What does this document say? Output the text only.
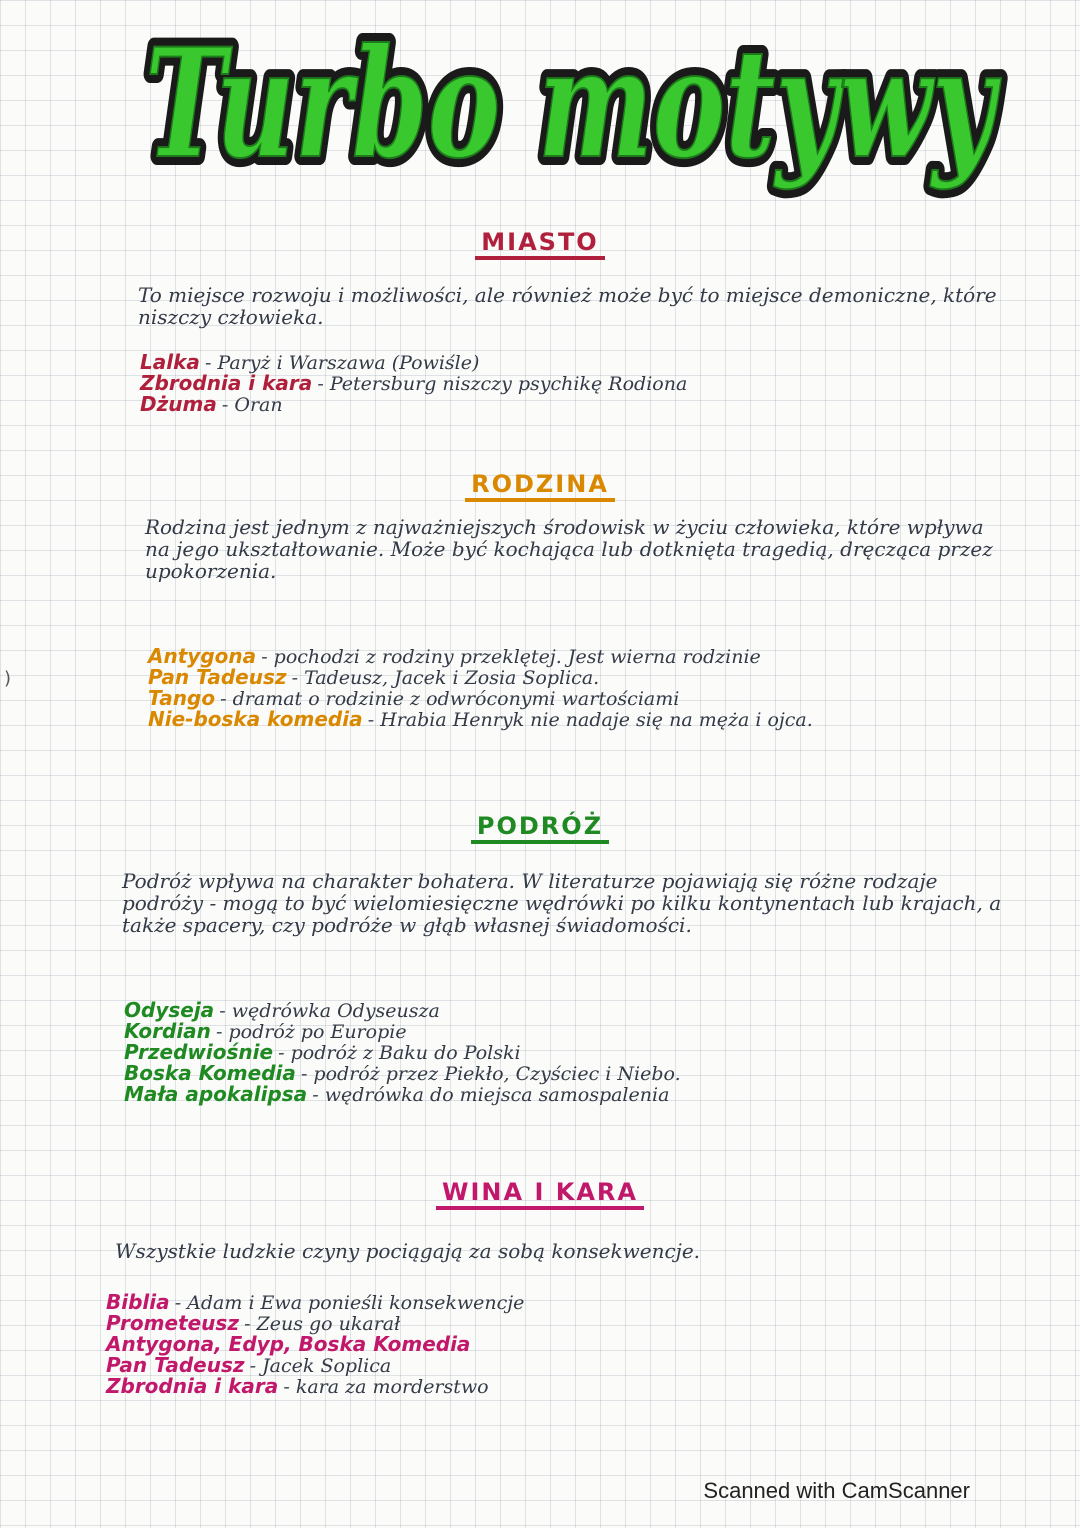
Turbo motywy
Turbo motywy
MIASTO
To miejsce rozwoju i możliwości, ale również może być to miejsce demoniczne, które niszczy człowieka.
Lalka - Paryż i Warszawa (Powiśle)
Zbrodnia i kara - Petersburg niszczy psychikę Rodiona
Dżuma - Oran
RODZINA
Rodzina jest jednym z najważniejszych środowisk w życiu człowieka, które wpływa na jego ukształtowanie. Może być kochająca lub dotknięta tragedią, dręcząca przez upokorzenia.
Antygona - pochodzi z rodziny przeklętej. Jest wierna rodzinie
Pan Tadeusz - Tadeusz, Jacek i Zosia Soplica.
Tango - dramat o rodzinie z odwróconymi wartościami
Nie-boska komedia - Hrabia Henryk nie nadaje się na męża i ojca.
PODRÓŻ
Podróż wpływa na charakter bohatera. W literaturze pojawiają się różne rodzaje podróży - mogą to być wielomiesięczne wędrówki po kilku kontynentach lub krajach, a także spacery, czy podróże w głąb własnej świadomości.
Odyseja - wędrówka Odyseusza
Kordian - podróż po Europie
Przedwiośnie - podróż z Baku do Polski
Boska Komedia - podróż przez Piekło, Czyściec i Niebo.
Mała apokalipsa - wędrówka do miejsca samospalenia
WINA I KARA
Wszystkie ludzkie czyny pociągają za sobą konsekwencje.
Biblia - Adam i Ewa ponieśli konsekwencje
Prometeusz - Zeus go ukarał
Antygona, Edyp, Boska Komedia
Pan Tadeusz - Jacek Soplica
Zbrodnia i kara - kara za morderstwo
)
Scanned with CamScanner
